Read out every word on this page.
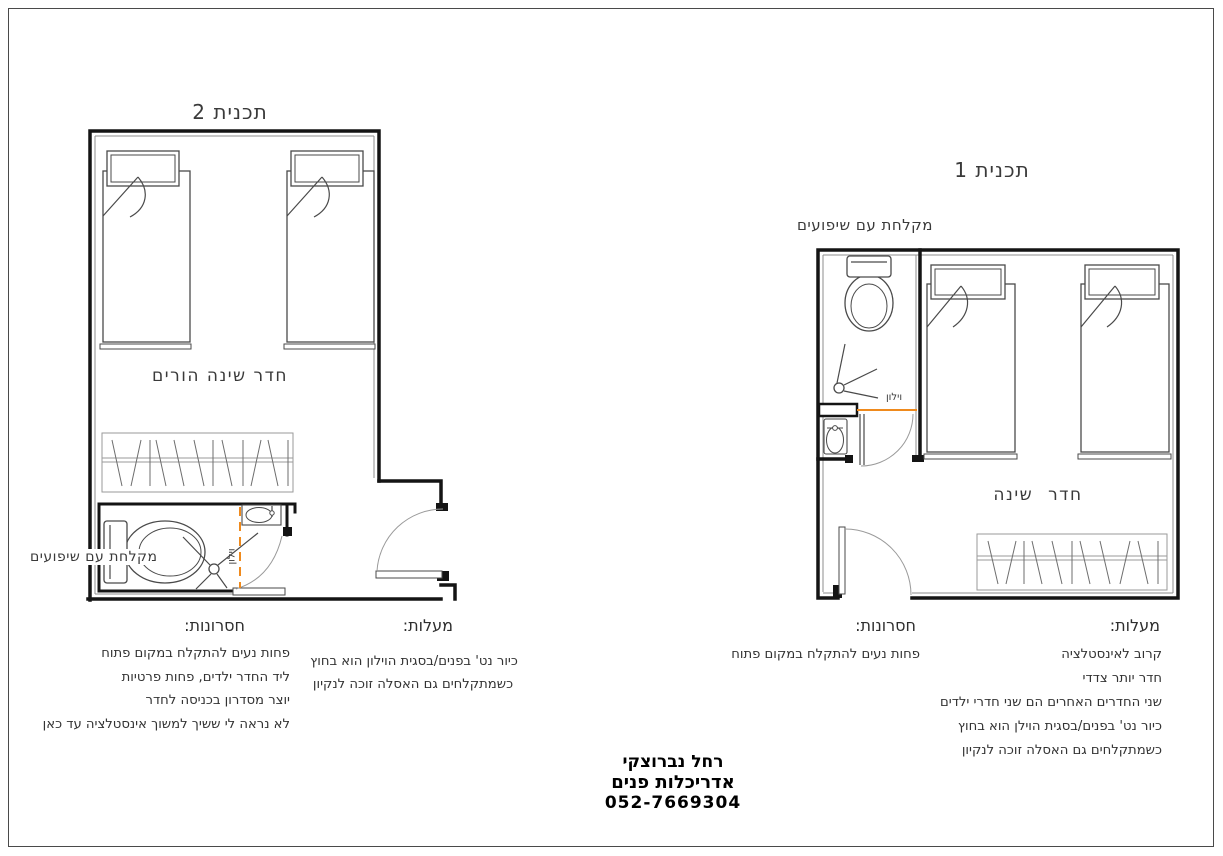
תכנית 2
חדר שינה הורים
מקלחת עם שיפועים	וילון
חסרונות:
פחות נעים להתקלח במקום פתוח
ליד החדר ילדים, פחות פרטיות
יוצר מסדרון בכניסה לחדר
לא נראה לי ששיך למשוך אינסטלציה עד כאן
מעלות:
כיור נט' בפנים/בסגית הוילון הוא בחוץ
כשמתקלחים גם האסלה זוכה לנקיון
תכנית 1
מקלחת עם שיפועים
וילון
חדר שינה
מעלות:
קרוב לאינסטלציה
חדר יותר צדדי
שני החדרים האחרים הם שני חדרי ילדים
כיור נט' בפנים/בסגית הוילן הוא בחוץ
כשמתקלחים גם האסלה זוכה לנקיון
חסרונות:
פחות נעים להתקלח במקום פתוח
רחל נברוצקי
אדריכלות פנים
052-7669304
